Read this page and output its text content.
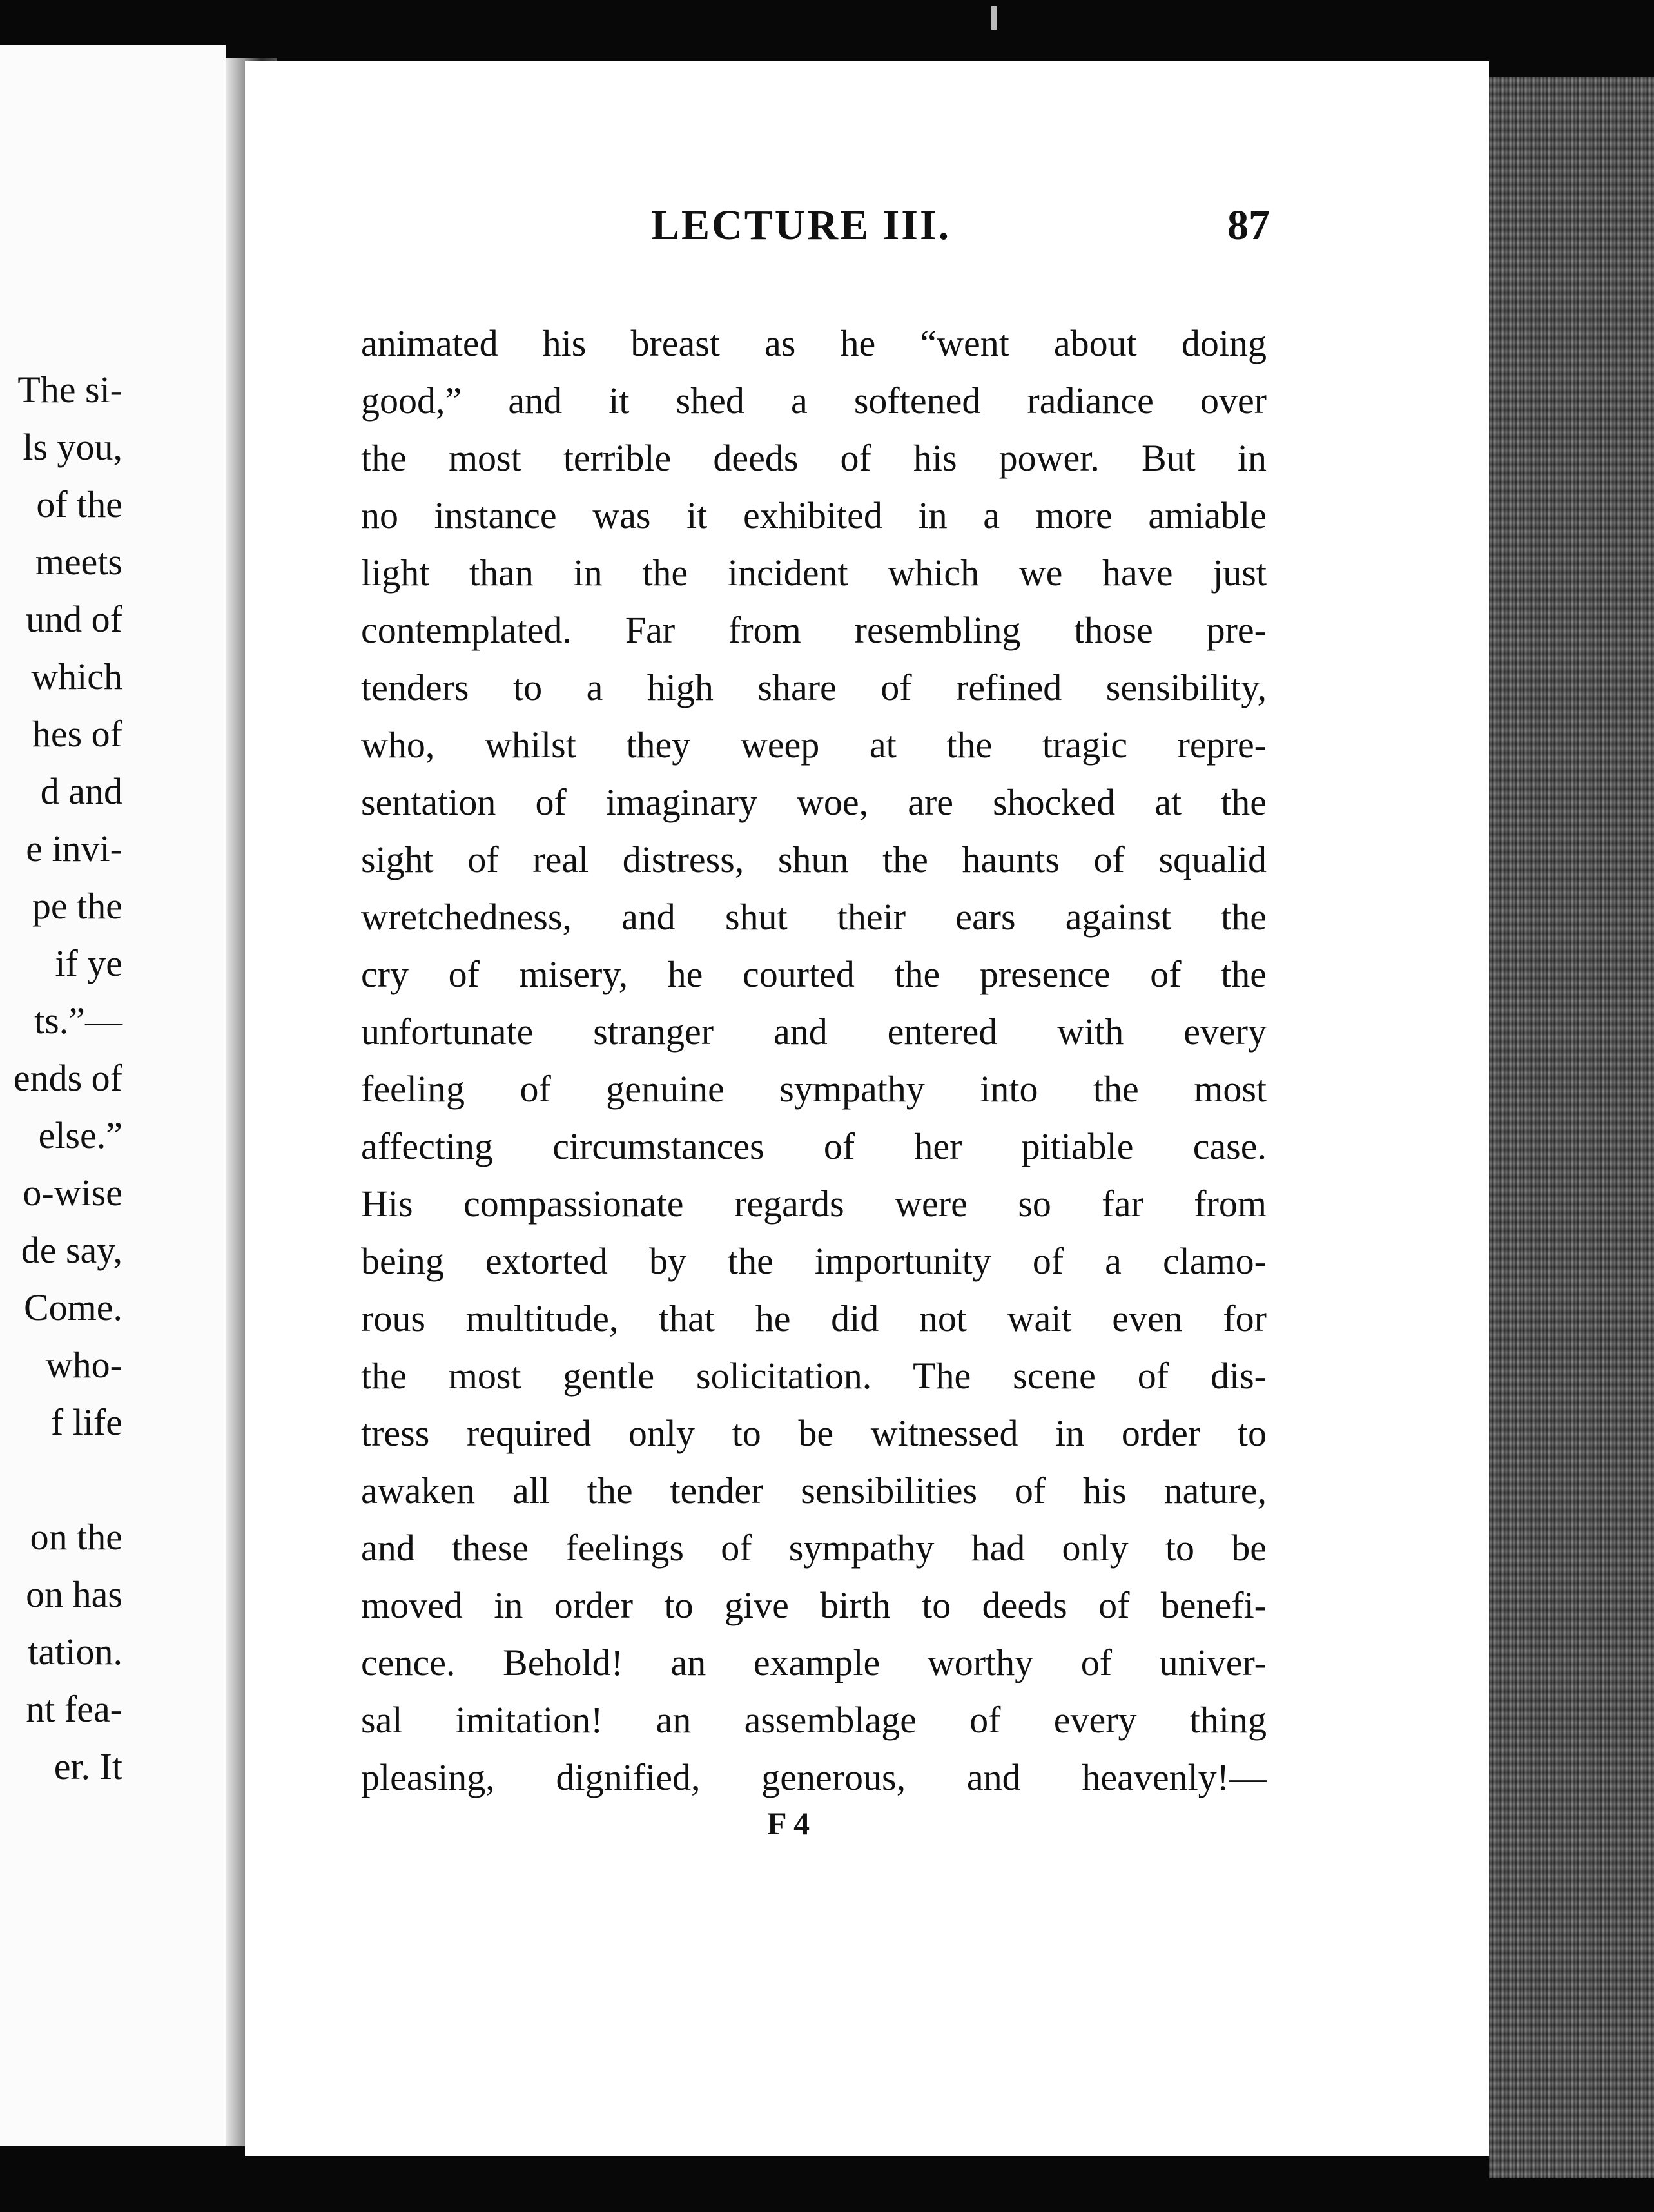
The si-
ls you,
of the
meets
und of
which
hes of
d and
e invi-
pe the
if ye
ts.”—
ends of
else.”
o-wise
de say,
Come.
who-
f life

on the
on has
tation.
nt fea-
er. It
LECTURE III.	87
animated his breast as he “went about doing
good,” and it shed a softened radiance over
the most terrible deeds of his power. But in
no instance was it exhibited in a more amiable
light than in the incident which we have just
contemplated. Far from resembling those pre-
tenders to a high share of refined sensibility,
who, whilst they weep at the tragic repre-
sentation of imaginary woe, are shocked at the
sight of real distress, shun the haunts of squalid
wretchedness, and shut their ears against the
cry of misery, he courted the presence of the
unfortunate stranger and entered with every
feeling of genuine sympathy into the most
affecting circumstances of her pitiable case.
His compassionate regards were so far from
being extorted by the importunity of a clamo-
rous multitude, that he did not wait even for
the most gentle solicitation. The scene of dis-
tress required only to be witnessed in order to
awaken all the tender sensibilities of his nature,
and these feelings of sympathy had only to be
moved in order to give birth to deeds of benefi-
cence. Behold! an example worthy of univer-
sal imitation! an assemblage of every thing
pleasing, dignified, generous, and heavenly!—
F 4
